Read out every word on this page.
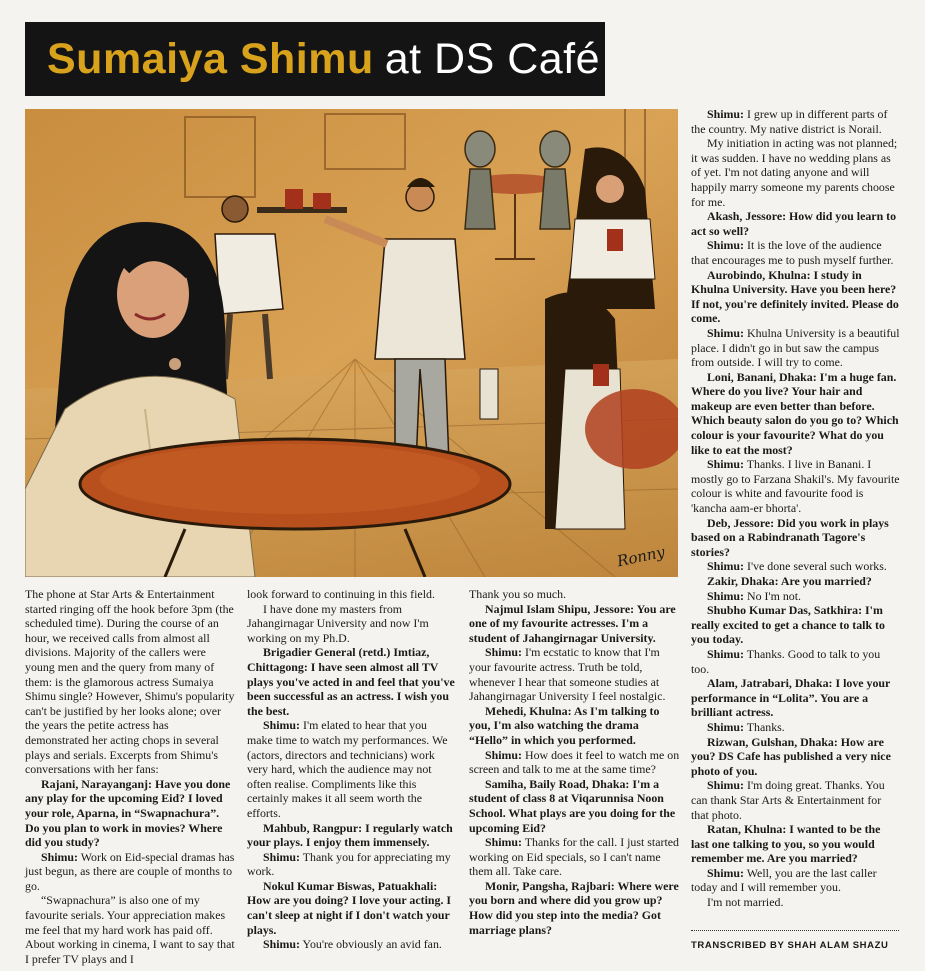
Sumaiya Shimu at DS Café
Ronny

The phone at Star Arts & Entertainment started ringing off the hook before 3pm (the scheduled time). During the course of an hour, we received calls from almost all divisions. Majority of the callers were young men and the query from many of them: is the glamorous actress Sumaiya Shimu single? However, Shimu's popularity can't be justified by her looks alone; over the years the petite actress has demonstrated her acting chops in several plays and serials. Excerpts from Shimu's conversations with her fans:

Rajani, Narayanganj: Have you done any play for the upcoming Eid? I loved your role, Aparna, in “Swapnachura”. Do you plan to work in movies? Where did you study?

Shimu: Work on Eid-special dramas has just begun, as there are couple of months to go.

“Swapnachura” is also one of my favourite serials. Your appreciation makes me feel that my hard work has paid off. About working in cinema, I want to say that I prefer TV plays and I

look forward to continuing in this field.

I have done my masters from Jahangirnagar University and now I'm working on my Ph.D.

Brigadier General (retd.) Imtiaz, Chittagong: I have seen almost all TV plays you've acted in and feel that you've been successful as an actress. I wish you the best.

Shimu: I'm elated to hear that you make time to watch my performances. We (actors, directors and technicians) work very hard, which the audience may not often realise. Compliments like this certainly makes it all seem worth the efforts.

Mahbub, Rangpur: I regularly watch your plays. I enjoy them immensely.

Shimu: Thank you for appreciating my work.

Nokul Kumar Biswas, Patuakhali: How are you doing? I love your acting. I can't sleep at night if I don't watch your plays.

Shimu: You're obviously an avid fan.

Thank you so much.

Najmul Islam Shipu, Jessore: You are one of my favourite actresses. I'm a student of Jahangirnagar University.

Shimu: I'm ecstatic to know that I'm your favourite actress. Truth be told, whenever I hear that someone studies at Jahangirnagar University I feel nostalgic.

Mehedi, Khulna: As I'm talking to you, I'm also watching the drama “Hello” in which you performed.

Shimu: How does it feel to watch me on screen and talk to me at the same time?

Samiha, Baily Road, Dhaka: I'm a student of class 8 at Viqarunnisa Noon School. What plays are you doing for the upcoming Eid?

Shimu: Thanks for the call. I just started working on Eid specials, so I can't name them all. Take care.

Monir, Pangsha, Rajbari: Where were you born and where did you grow up? How did you step into the media? Got marriage plans?

Shimu: I grew up in different parts of the country. My native district is Norail.

My initiation in acting was not planned; it was sudden. I have no wedding plans as of yet. I'm not dating anyone and will happily marry someone my parents choose for me.

Akash, Jessore: How did you learn to act so well?

Shimu: It is the love of the audience that encourages me to push myself further.

Aurobindo, Khulna: I study in Khulna University. Have you been here? If not, you're definitely invited. Please do come.

Shimu: Khulna University is a beautiful place. I didn't go in but saw the campus from outside. I will try to come.

Loni, Banani, Dhaka: I'm a huge fan. Where do you live? Your hair and makeup are even better than before. Which beauty salon do you go to? Which colour is your favourite? What do you like to eat the most?

Shimu: Thanks. I live in Banani. I mostly go to Farzana Shakil's. My favourite colour is white and favourite food is 'kancha aam-er bhorta'.

Deb, Jessore: Did you work in plays based on a Rabindranath Tagore's stories?

Shimu: I've done several such works.

Zakir, Dhaka: Are you married?

Shimu: No I'm not.

Shubho Kumar Das, Satkhira: I'm really excited to get a chance to talk to you today.

Shimu: Thanks. Good to talk to you too.

Alam, Jatrabari, Dhaka: I love your performance in “Lolita”. You are a brilliant actress.

Shimu: Thanks.

Rizwan, Gulshan, Dhaka: How are you? DS Cafe has published a very nice photo of you.

Shimu: I'm doing great. Thanks. You can thank Star Arts & Entertainment for that photo.

Ratan, Khulna: I wanted to be the last one talking to you, so you would remember me. Are you married?

Shimu: Well, you are the last caller today and I will remember you.

I'm not married.

TRANSCRIBED BY SHAH ALAM SHAZU
